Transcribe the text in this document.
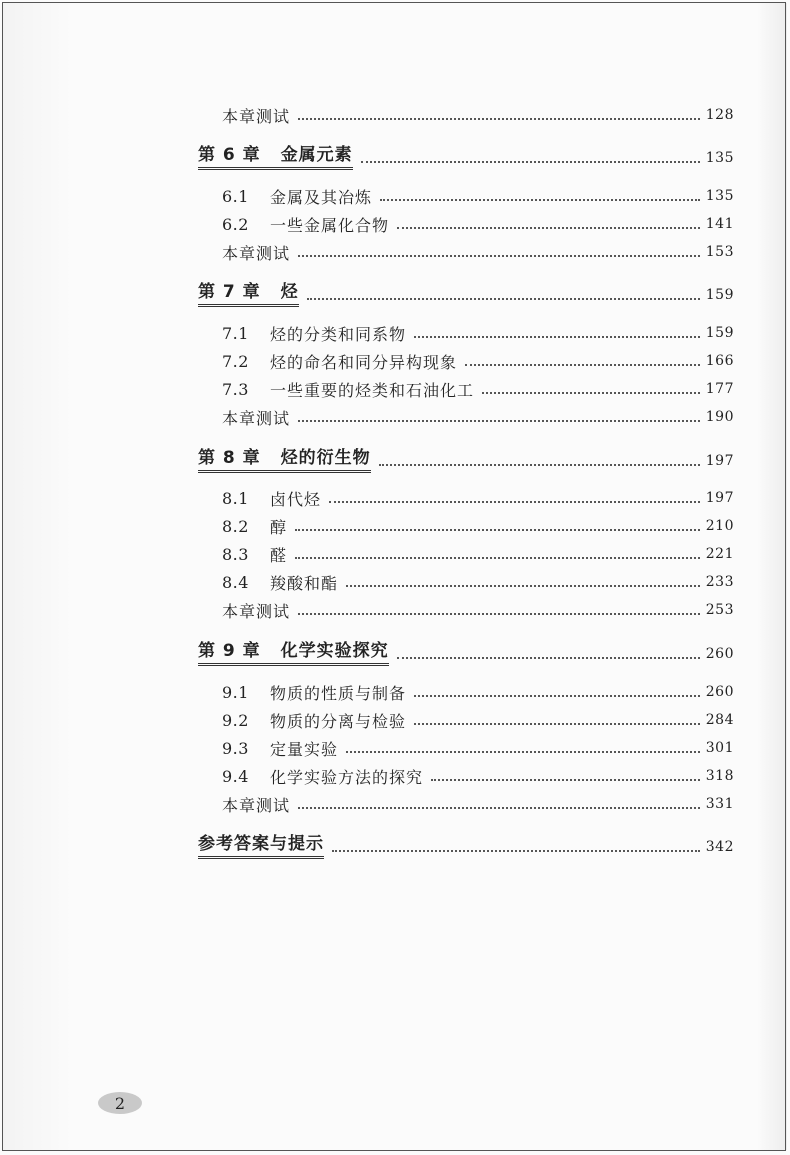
本章测试	128
第 6 章 金属元素	135
6.1	金属及其冶炼	135
6.2	一些金属化合物	141
本章测试	153
第 7 章 烃	159
7.1	烃的分类和同系物	159
7.2	烃的命名和同分异构现象	166
7.3	一些重要的烃类和石油化工	177
本章测试	190
第 8 章 烃的衍生物	197
8.1	卤代烃	197
8.2	醇	210
8.3	醛	221
8.4	羧酸和酯	233
本章测试	253
第 9 章 化学实验探究	260
9.1	物质的性质与制备	260
9.2	物质的分离与检验	284
9.3	定量实验	301
9.4	化学实验方法的探究	318
本章测试	331
参考答案与提示	342
2
